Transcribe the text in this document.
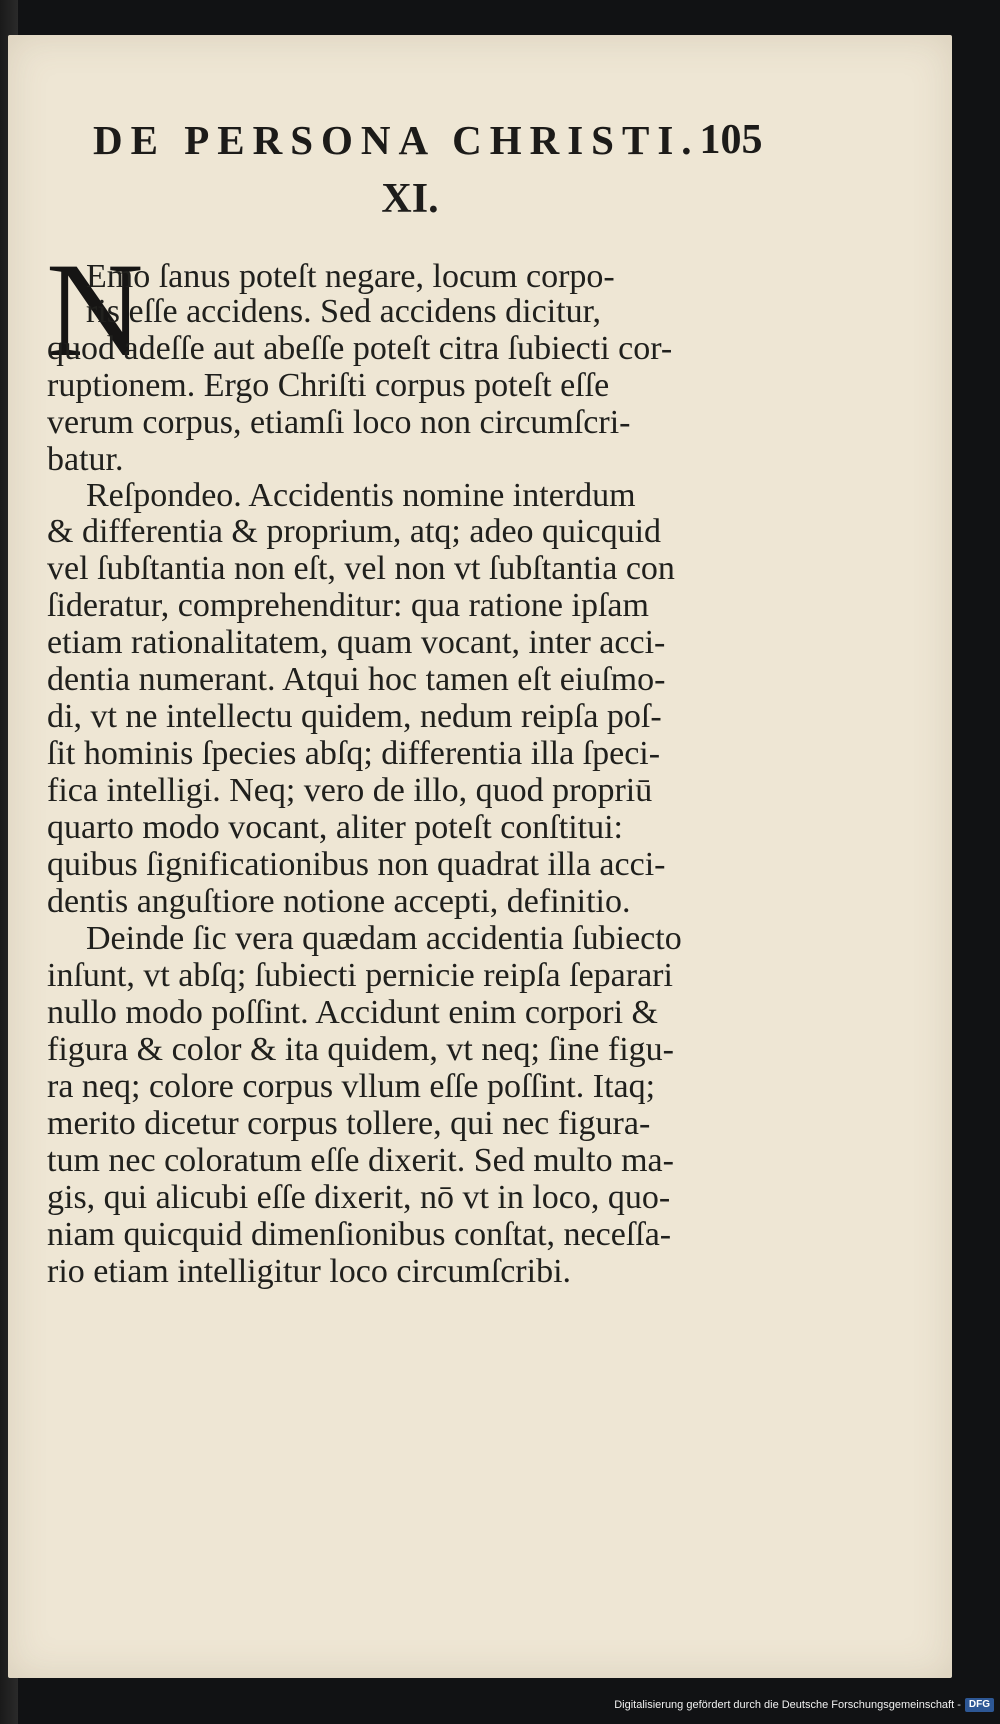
DE PERSONA CHRISTI. 105
XI.
N
Emo ſanus poteſt negare, locum corpo-
ris eſſe accidens. Sed accidens dicitur,
quod adeſſe aut abeſſe poteſt citra ſubiecti cor-
ruptionem. Ergo Chriſti corpus poteſt eſſe
verum corpus, etiamſi loco non circumſcri-
batur.
Reſpondeo. Accidentis nomine interdum
& differentia & proprium, atq; adeo quicquid
vel ſubſtantia non eſt, vel non vt ſubſtantia con
ſideratur, comprehenditur: qua ratione ipſam
etiam rationalitatem, quam vocant, inter acci-
dentia numerant. Atqui hoc tamen eſt eiuſmo-
di, vt ne intellectu quidem, nedum reipſa poſ-
ſit hominis ſpecies abſq; differentia illa ſpeci-
fica intelligi. Neq; vero de illo, quod propriū
quarto modo vocant, aliter poteſt conſtitui:
quibus ſignificationibus non quadrat illa acci-
dentis anguſtiore notione accepti, definitio.
Deinde ſic vera quædam accidentia ſubiecto
inſunt, vt abſq; ſubiecti pernicie reipſa ſeparari
nullo modo poſſint. Accidunt enim corpori &
figura & color & ita quidem, vt neq; ſine figu-
ra neq; colore corpus vllum eſſe poſſint. Itaq;
merito dicetur corpus tollere, qui nec figura-
tum nec coloratum eſſe dixerit. Sed multo ma-
gis, qui alicubi eſſe dixerit, nō vt in loco, quo-
niam quicquid dimenſionibus conſtat, neceſſa-
rio etiam intelligitur loco circumſcribi.
Digitalisierung gefördert durch die Deutsche Forschungsgemeinschaft - DFG
